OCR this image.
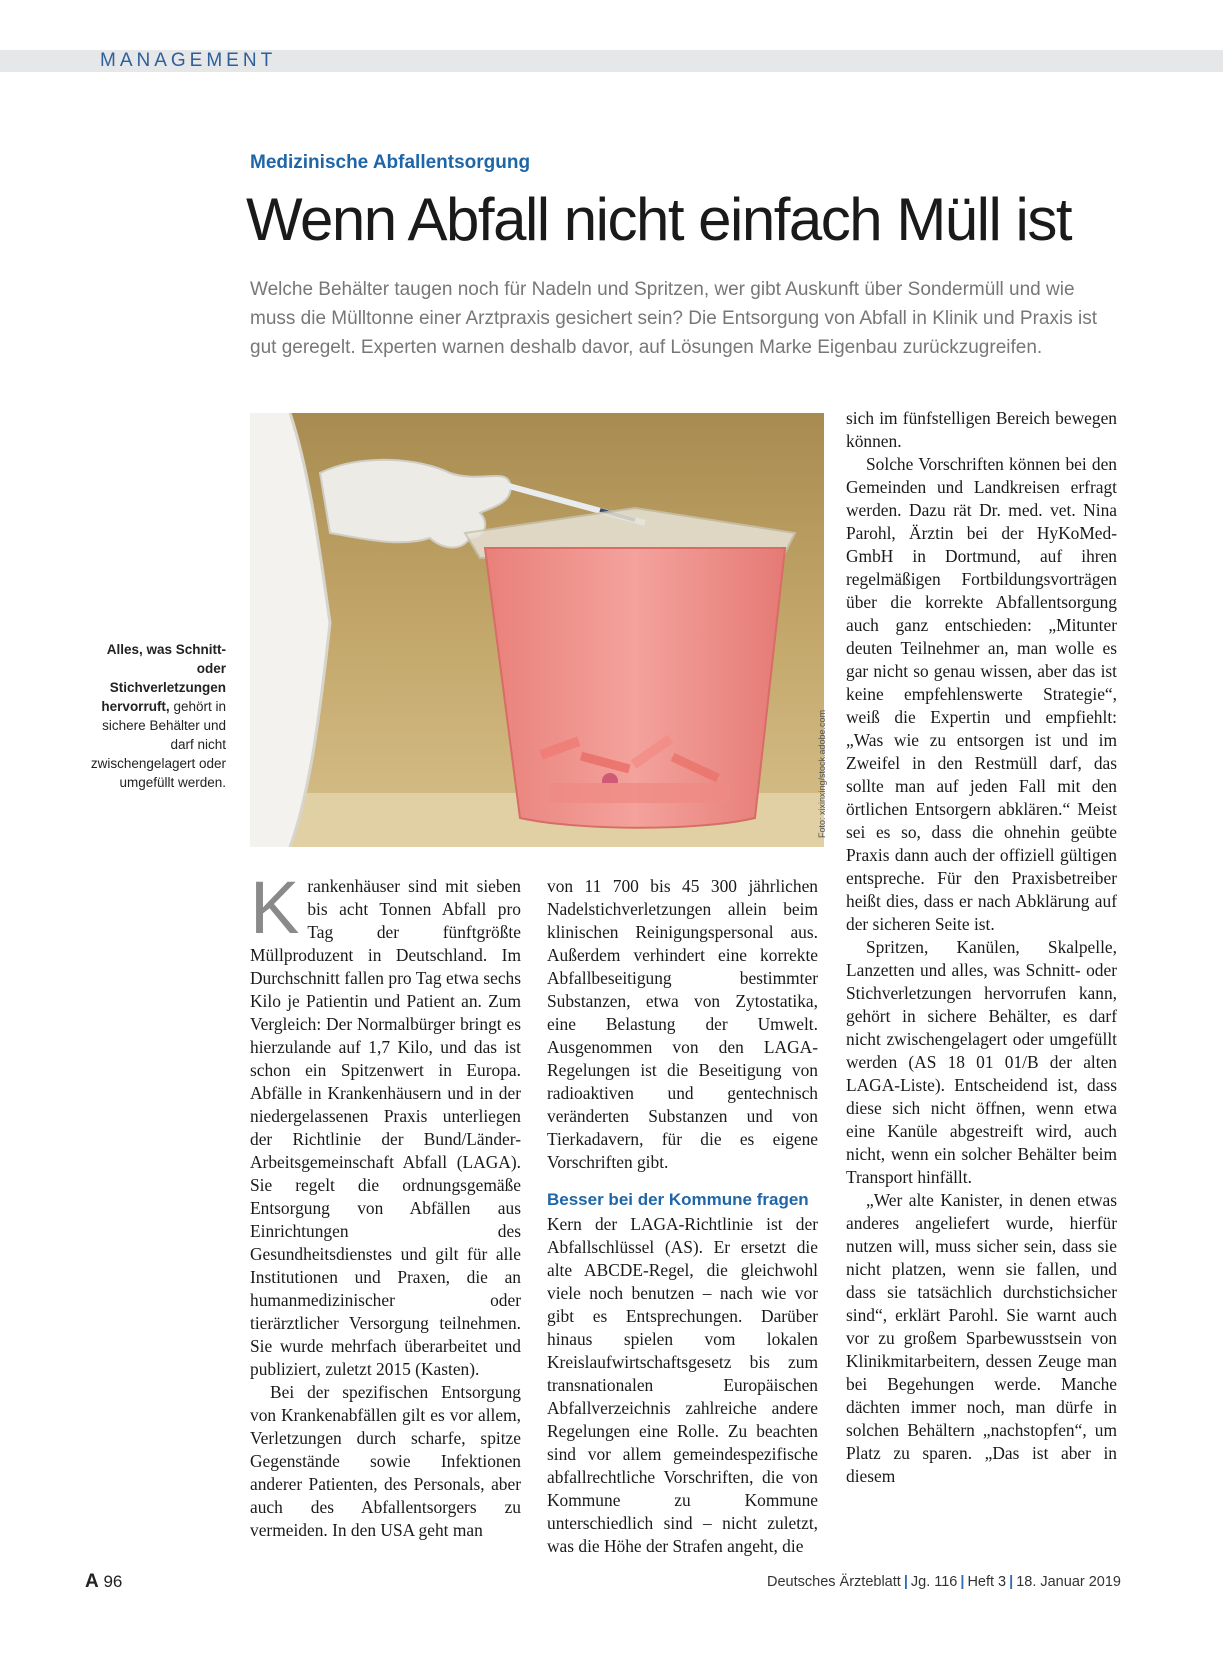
MANAGEMENT
Medizinische Abfallentsorgung
Wenn Abfall nicht einfach Müll ist

Welche Behälter taugen noch für Nadeln und Spritzen, wer gibt Auskunft über Sondermüll und wie muss die Mülltonne einer Arztpraxis gesichert sein? Die Entsorgung von Abfall in Klinik und Praxis ist gut geregelt. Experten warnen deshalb davor, auf Lösungen Marke Eigenbau zurückzugreifen.

Foto: xixinxing/stock.adobe.com
Alles, was Schnitt- oder Stichverletzungen hervorruft, gehört in sichere Behälter und darf nicht zwischengelagert oder umgefüllt werden.

Krankenhäuser sind mit sieben bis acht Tonnen Abfall pro Tag der fünftgrößte Müllproduzent in Deutschland. Im Durchschnitt fallen pro Tag etwa sechs Kilo je Patientin und Patient an. Zum Vergleich: Der Normalbürger bringt es hierzulande auf 1,7 Kilo, und das ist schon ein Spitzenwert in Europa. Abfälle in Krankenhäusern und in der niedergelassenen Praxis unterliegen der Richtlinie der Bund/Länder-Arbeitsgemeinschaft Abfall (LAGA). Sie regelt die ordnungsgemäße Entsorgung von Abfällen aus Einrichtungen des Gesundheitsdienstes und gilt für alle Institutionen und Praxen, die an humanmedizinischer oder tierärztlicher Versorgung teilnehmen. Sie wurde mehrfach überarbeitet und publiziert, zuletzt 2015 (Kasten).

Bei der spezifischen Entsorgung von Krankenabfällen gilt es vor allem, Verletzungen durch scharfe, spitze Gegenstände sowie Infektionen anderer Patienten, des Personals, aber auch des Abfallentsorgers zu vermeiden. In den USA geht man

von 11 700 bis 45 300 jährlichen Nadelstichverletzungen allein beim klinischen Reinigungspersonal aus. Außerdem verhindert eine korrekte Abfallbeseitigung bestimmter Substanzen, etwa von Zytostatika, eine Belastung der Umwelt. Ausgenommen von den LAGA-Regelungen ist die Beseitigung von radioaktiven und gentechnisch veränderten Substanzen und von Tierkadavern, für die es eigene Vorschriften gibt.

Besser bei der Kommune fragen

Kern der LAGA-Richtlinie ist der Abfallschlüssel (AS). Er ersetzt die alte ABCDE-Regel, die gleichwohl viele noch benutzen – nach wie vor gibt es Entsprechungen. Darüber hinaus spielen vom lokalen Kreislaufwirtschaftsgesetz bis zum transnationalen Europäischen Abfallverzeichnis zahlreiche andere Regelungen eine Rolle. Zu beachten sind vor allem gemeindespezifische abfallrechtliche Vorschriften, die von Kommune zu Kommune unterschiedlich sind – nicht zuletzt, was die Höhe der Strafen angeht, die

sich im fünfstelligen Bereich bewegen können.

Solche Vorschriften können bei den Gemeinden und Landkreisen erfragt werden. Dazu rät Dr. med. vet. Nina Parohl, Ärztin bei der HyKoMed-GmbH in Dortmund, auf ihren regelmäßigen Fortbildungsvorträgen über die korrekte Abfallentsorgung auch ganz entschieden: „Mitunter deuten Teilnehmer an, man wolle es gar nicht so genau wissen, aber das ist keine empfehlenswerte Strategie“, weiß die Expertin und empfiehlt: „Was wie zu entsorgen ist und im Zweifel in den Restmüll darf, das sollte man auf jeden Fall mit den örtlichen Entsorgern abklären.“ Meist sei es so, dass die ohnehin geübte Praxis dann auch der offiziell gültigen entspreche. Für den Praxisbetreiber heißt dies, dass er nach Abklärung auf der sicheren Seite ist.

Spritzen, Kanülen, Skalpelle, Lanzetten und alles, was Schnitt- oder Stichverletzungen hervorrufen kann, gehört in sichere Behälter, es darf nicht zwischengelagert oder umgefüllt werden (AS 18 01 01/B der alten LAGA-Liste). Entscheidend ist, dass diese sich nicht öffnen, wenn etwa eine Kanüle abgestreift wird, auch nicht, wenn ein solcher Behälter beim Transport hinfällt.

„Wer alte Kanister, in denen etwas anderes angeliefert wurde, hierfür nutzen will, muss sicher sein, dass sie nicht platzen, wenn sie fallen, und dass sie tatsächlich durchstichsicher sind“, erklärt Parohl. Sie warnt auch vor zu großem Sparbewusstsein von Klinikmitarbeitern, dessen Zeuge man bei Begehungen werde. Manche dächten immer noch, man dürfe in solchen Behältern „nachstopfen“, um Platz zu sparen. „Das ist aber in diesem

A 96	Deutsches Ärzteblatt | Jg. 116 | Heft 3 | 18. Januar 2019
